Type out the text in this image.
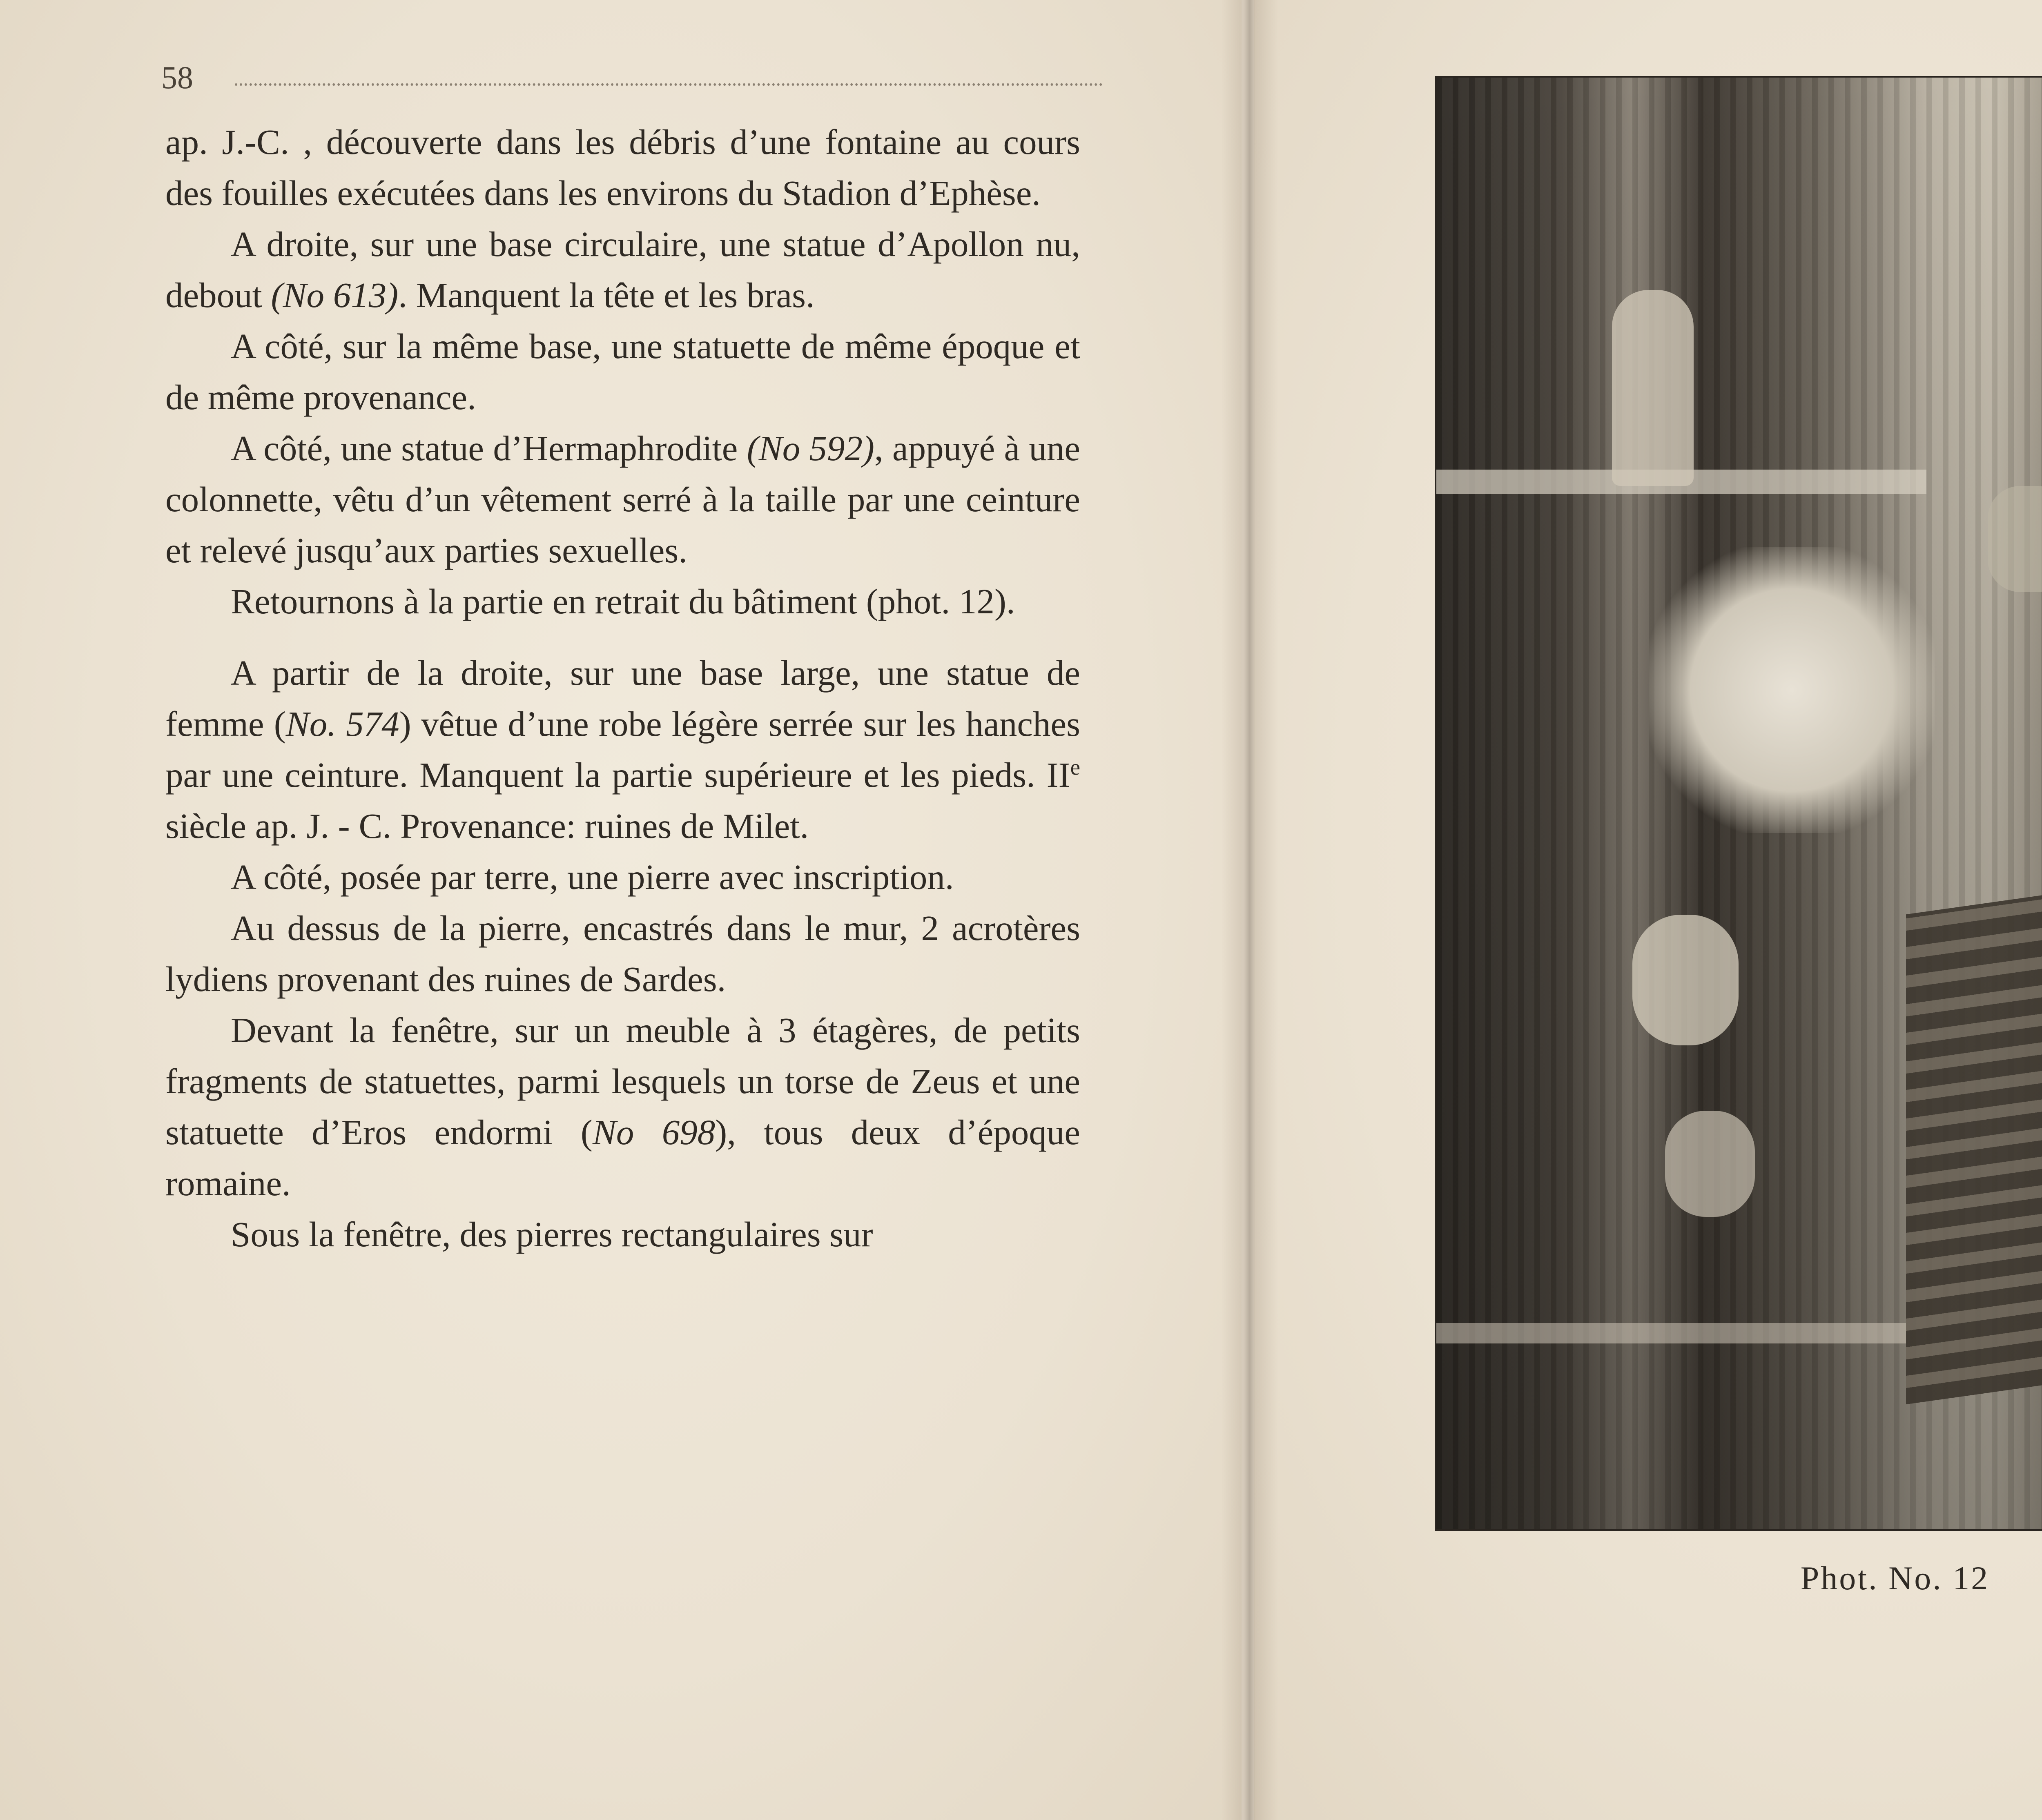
58

ap. J.-C. , découverte dans les débris d’une fontaine au cours des fouilles exécutées dans les environs du Stadion d’Ephèse.

A droite, sur une base circulaire, une statue d’Apollon nu, debout (No 613). Manquent la tête et les bras.

A côté, sur la même base, une statuette de même époque et de même provenance.

A côté, une statue d’Hermaphrodite (No 592), appuyé à une colonnette, vêtu d’un vêtement serré à la taille par une ceinture et relevé jusqu’aux parties sexuelles.

Retournons à la partie en retrait du bâtiment (phot. 12).

A partir de la droite, sur une base large, une statue de femme (No. 574) vêtue d’une robe légère serrée sur les hanches par une ceinture. Manquent la partie supérieure et les pieds. IIe siècle ap. J. - C. Provenance: ruines de Milet.

A côté, posée par terre, une pierre avec inscription.

Au dessus de la pierre, encastrés dans le mur, 2 acrotères lydiens provenant des ruines de Sardes.

Devant la fenêtre, sur un meuble à 3 étagères, de petits fragments de statuettes, parmi lesquels un torse de Zeus et une statuette d’Eros endormi (No 698), tous deux d’époque romaine.

Sous la fenêtre, des pierres rectangulaires sur

Phot. No. 12
